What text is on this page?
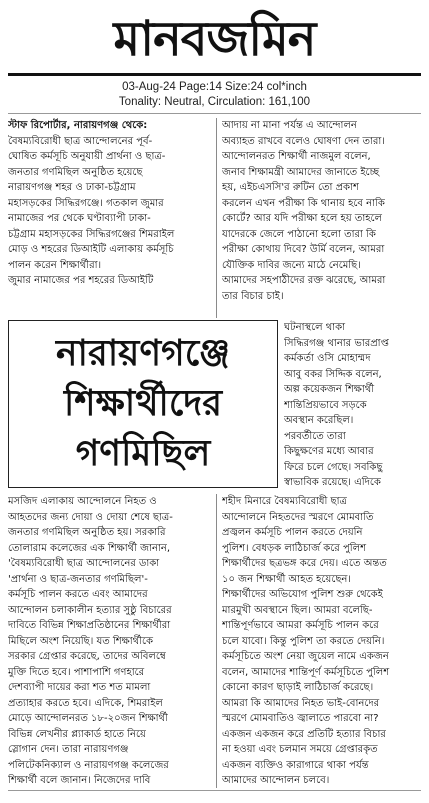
মানবজমিন
03-Aug-24 Page:14 Size:24 col*inch
Tonality: Neutral, Circulation: 161,100

স্টাফ রিপোর্টার, নারায়ণগঞ্জ থেকে:

বৈষম্যবিরোধী ছাত্র আন্দোলনের পূর্ব-
ঘোষিত কর্মসূচি অনুযায়ী প্রার্থনা ও ছাত্র-
জনতার গণমিছিল অনুষ্ঠিত হয়েছে
নারায়ণগঞ্জ শহর ও ঢাকা-চট্টগ্রাম
মহাসড়কের সিদ্ধিরগঞ্জে। গতকাল জুমার
নামাজের পর থেকে ঘণ্টাব্যাপী ঢাকা-
চট্টগ্রাম মহাসড়কের সিদ্ধিরগঞ্জের শিমরাইল
মোড় ও শহরের ডিআইটি এলাকায় কর্মসূচি
পালন করেন শিক্ষার্থীরা।
জুমার নামাজের পর শহরের ডিআইটি

আদায় না মানা পর্যন্ত এ আন্দোলন
অব্যাহত রাখবে বলেও ঘোষণা দেন তারা।
আন্দোলনরত শিক্ষার্থী নাজমুল বলেন,
জনাব শিক্ষামন্ত্রী আমাদের জানাতে ইচ্ছে
হয়, এইচএসসি'র রুটিন তো প্রকাশ
করলেন এখন পরীক্ষা কি থানায় হবে নাকি
কোর্টে? আর যদি পরীক্ষা হলে হয় তাহলে
যাদেরকে জেলে পাঠানো হলো তারা কি
পরীক্ষা কোথায় দিবে? উর্মি বলেন, আমরা
যৌক্তিক দাবির জন্যে মাঠে নেমেছি।
আমাদের সহপাঠীদের রক্ত ঝরেছে, আমরা
তার বিচার চাই।

নারায়ণগঞ্জে
শিক্ষার্থীদের
গণমিছিল

ঘটনাস্থলে থাকা
সিদ্ধিরগঞ্জ থানার ভারপ্রাপ্ত
কর্মকর্তা ওসি মোহাম্মদ
আবু বকর সিদ্দিক বলেন,
অল্প কয়েকজন শিক্ষার্থী
শান্তিপ্রিয়ভাবে সড়কে
অবস্থান করেছিল।
পরবর্তীতে তারা
কিছুক্ষণের মধ্যে আবার
ফিরে চলে গেছে। সবকিছু
স্বাভাবিক রয়েছে। এদিকে

মসজিদ এলাকায় আন্দোলনে নিহত ও
আহতদের জন্য দোয়া ও দোয়া শেষে ছাত্র-
জনতার গণমিছিল অনুষ্ঠিত হয়। সরকারি
তোলারাম কলেজের এক শিক্ষার্থী জানান,
'বৈষম্যবিরোধী ছাত্র আন্দোলনের ডাকা
'প্রার্থনা ও ছাত্র-জনতার গণমিছিল'-
কর্মসূচি পালন করতে এবং আমাদের
আন্দোলন চলাকালীন হত্যার সুষ্ঠু বিচারের
দাবিতে বিভিন্ন শিক্ষাপ্রতিষ্ঠানের শিক্ষার্থীরা
মিছিলে অংশ নিয়েছি। যত শিক্ষার্থীকে
সরকার গ্রেপ্তার করেছে, তাদের অবিলম্বে
মুক্তি দিতে হবে। পাশাপাশি গণহারে
দেশব্যাপী দায়ের করা শত শত মামলা
প্রত্যাহার করতে হবে। এদিকে, শিমরাইল
মোড়ে আন্দোলনরত ১৮-২০জন শিক্ষার্থী
বিভিন্ন লেখনীর প্ল্যাকার্ড হাতে নিয়ে
স্লোগান দেন। তারা নারায়ণগঞ্জ
পলিটেকনিক্যাল ও নারায়ণগঞ্জ কলেজের
শিক্ষার্থী বলে জানান। নিজেদের দাবি

শহীদ মিনারে বৈষম্যবিরোধী ছাত্র
আন্দোলনে নিহতদের স্মরণে মোমবাতি
প্রজ্বলন কর্মসূচি পালন করতে দেয়নি
পুলিশ। বেধড়ক লাঠিচার্জ করে পুলিশ
শিক্ষার্থীদের ছত্রভঙ্গ করে দেয়। এতে অন্তত
১০ জন শিক্ষার্থী আহত হয়েছেন।
শিক্ষার্থীদের অভিযোগ পুলিশ শুরু থেকেই
মারমুখী অবস্থানে ছিল। আমরা বলেছি-
শান্তিপূর্ণভাবে আমরা কর্মসূচি পালন করে
চলে যাবো। কিন্তু পুলিশ তা করতে দেয়নি।
কর্মসূচিতে অংশ নেয়া জুয়েল নামে একজন
বলেন, আমাদের শান্তিপূর্ণ কর্মসূচিতে পুলিশ
কোনো কারণ ছাড়াই লাঠিচার্জ করেছে।
আমরা কি আমাদের নিহত ভাই-বোনদের
স্মরণে মোমবাতিও জ্বালাতে পারবো না?
একজন একজন করে প্রতিটি হত্যার বিচার
না হওয়া এবং চলমান সময়ে গ্রেপ্তারকৃত
একজন ব্যক্তিও কারাগারে থাকা পর্যন্ত
আমাদের আন্দোলন চলবে।
